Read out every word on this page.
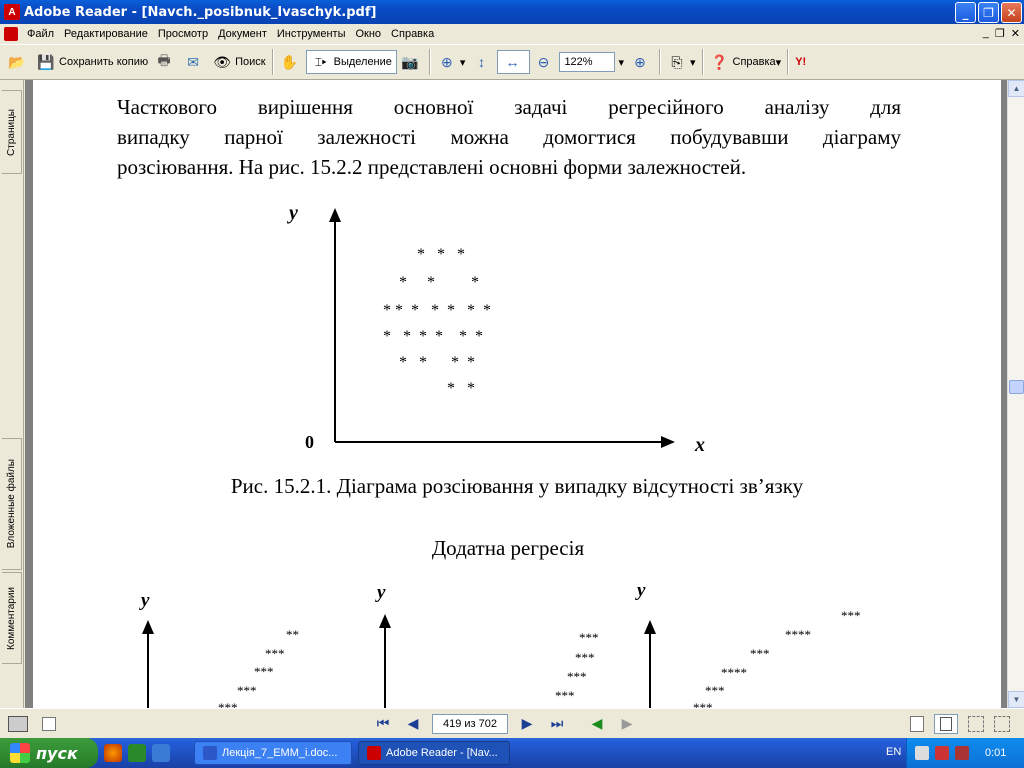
A Adobe Reader - [Navch._posibnuk_Ivaschyk.pdf]	_	❐	✕
Файл Редактирование Просмотр Документ Инструменты Окно Справка	_ ❐ ✕
📂 💾 Сохранить копию 🖶 ✉ 👁 Поиск ✋	⌶▸ Выделение 📷 ⊕ ▾ ↕	↔ ⊖	122%	▾ ⊕	⎘ ▾ ❓ Справка ▾ Y!
Страницы
Вложенные файлы
Комментарии
Часткового вирішення основної задачі регресійного аналізу для
випадку парної залежності можна домогтися побудувавши діаграму
розсіювання. На рис. 15.2.2 представлені основні форми залежностей.
y
x
0
*   *   *
*     *         *
* *  *   *  *   *  *
*   *  *  *    *  *
*   *      *  *
*   *
Рис. 15.2.1. Діаграма розсіювання у випадку відсутності зв’язку
Додатна регресія
y	y	y
**
***
***
***
***
***
***
***
***
***
****
***
****
***
***
▲
▼
⏮ ◀	419 из 702	▶ ⏭ ◀ ▶
пуск	Лекція_7_ЕММ_i.doc...	Adobe Reader - [Nav...	EN	0:01
